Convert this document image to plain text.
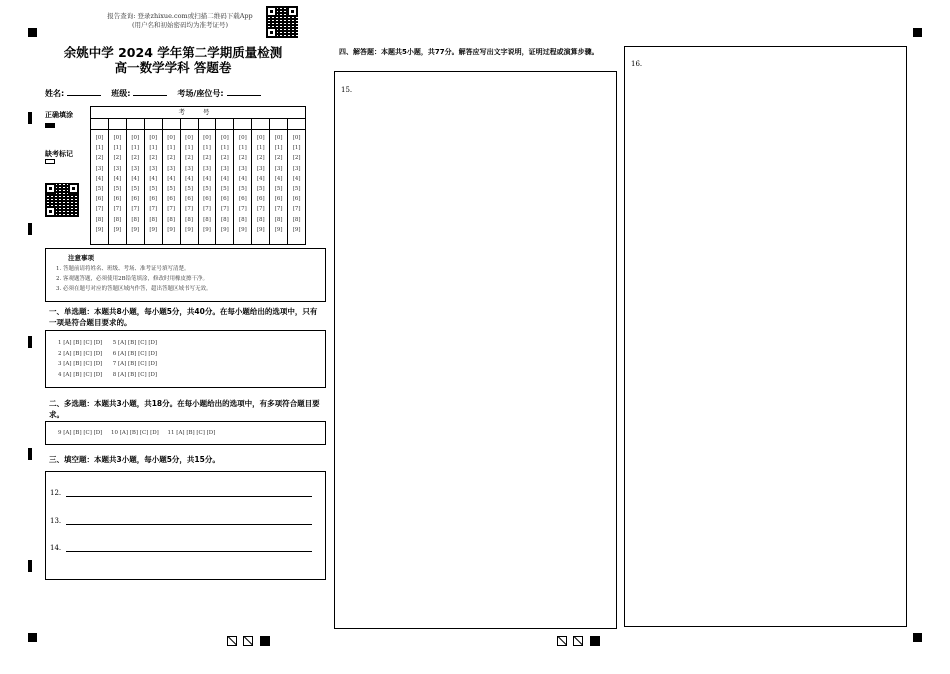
报告查询: 登录zhixue.com或扫描二维码下载App
(用户名和初始密码均为准考证号)
余姚中学 2024 学年第二学期质量检测
高一数学学科 答题卷
姓名:	班级:	考场/座位号:
正确填涂
缺考标记
考 号
[0]
[1]
[2]
[3]
[4]
[5]
[6]
[7]
[8]
[9]
[0]
[1]
[2]
[3]
[4]
[5]
[6]
[7]
[8]
[9]
[0]
[1]
[2]
[3]
[4]
[5]
[6]
[7]
[8]
[9]
[0]
[1]
[2]
[3]
[4]
[5]
[6]
[7]
[8]
[9]
[0]
[1]
[2]
[3]
[4]
[5]
[6]
[7]
[8]
[9]
[0]
[1]
[2]
[3]
[4]
[5]
[6]
[7]
[8]
[9]
[0]
[1]
[2]
[3]
[4]
[5]
[6]
[7]
[8]
[9]
[0]
[1]
[2]
[3]
[4]
[5]
[6]
[7]
[8]
[9]
[0]
[1]
[2]
[3]
[4]
[5]
[6]
[7]
[8]
[9]
[0]
[1]
[2]
[3]
[4]
[5]
[6]
[7]
[8]
[9]
[0]
[1]
[2]
[3]
[4]
[5]
[6]
[7]
[8]
[9]
[0]
[1]
[2]
[3]
[4]
[5]
[6]
[7]
[8]
[9]
注意事项

1. 答题前请将姓名、班级、考场、准考证号填写清楚。

2. 客观题答题，必须使用2B铅笔填涂，修改时用橡皮擦干净。

3. 必须在题号对应的答题区域内作答，超出答题区域书写无效。

一、单选题：本题共8小题，每小题5分，共40分。在每小题给出的选项中，只有一项是符合题目要求的。
1 [A] [B] [C] [D]      5 [A] [B] [C] [D]
2 [A] [B] [C] [D]      6 [A] [B] [C] [D]
3 [A] [B] [C] [D]      7 [A] [B] [C] [D]
4 [A] [B] [C] [D]      8 [A] [B] [C] [D]
二、多选题：本题共3小题，共18分。在每小题给出的选项中，有多项符合题目要求。
9 [A] [B] [C] [D]     10 [A] [B] [C] [D]     11 [A] [B] [C] [D]
三、填空题：本题共3小题，每小题5分，共15分。
12.
13.
14.
四、解答题：本题共5小题，共77分。解答应写出文字说明，证明过程或演算步骤。
15.
16.
